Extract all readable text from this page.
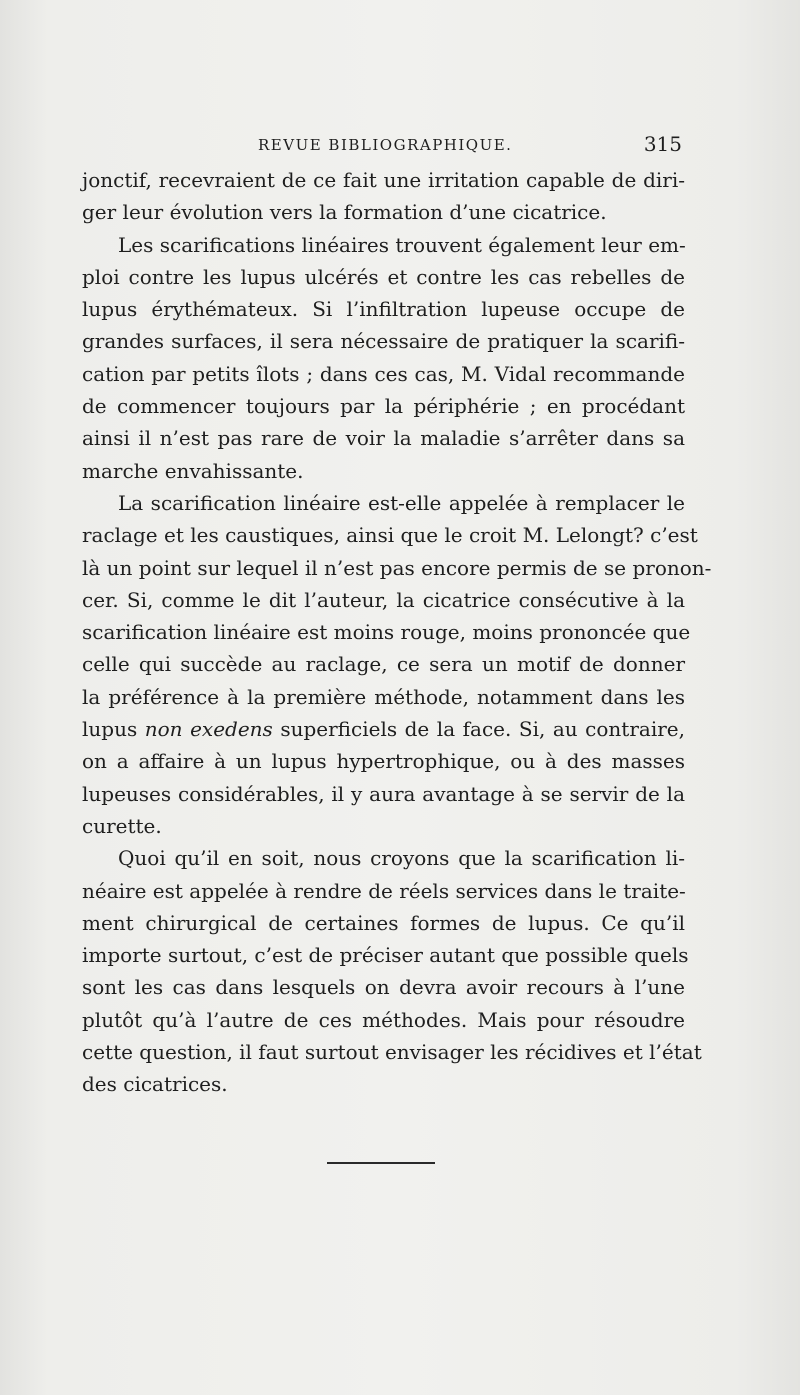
REVUE BIBLIOGRAPHIQUE.	315
jonctif, recevraient de ce fait une irritation capable de diri-
ger leur évolution vers la formation d’une cicatrice.
Les scarifications linéaires trouvent également leur em-
ploi contre les lupus ulcérés et contre les cas rebelles de
lupus érythémateux. Si l’infiltration lupeuse occupe de
grandes surfaces, il sera nécessaire de pratiquer la scarifi-
cation par petits îlots ; dans ces cas, M. Vidal recommande
de commencer toujours par la périphérie ; en procédant
ainsi il n’est pas rare de voir la maladie s’arrêter dans sa
marche envahissante.
La scarification linéaire est-elle appelée à remplacer le
raclage et les caustiques, ainsi que le croit M. Lelongt? c’est
là un point sur lequel il n’est pas encore permis de se pronon-
cer. Si, comme le dit l’auteur, la cicatrice consécutive à la
scarification linéaire est moins rouge, moins prononcée que
celle qui succède au raclage, ce sera un motif de donner
la préférence à la première méthode, notamment dans les
lupus non exedens superficiels de la face. Si, au contraire,
on a affaire à un lupus hypertrophique, ou à des masses
lupeuses considérables, il y aura avantage à se servir de la
curette.
Quoi qu’il en soit, nous croyons que la scarification li-
néaire est appelée à rendre de réels services dans le traite-
ment chirurgical de certaines formes de lupus. Ce qu’il
importe surtout, c’est de préciser autant que possible quels
sont les cas dans lesquels on devra avoir recours à l’une
plutôt qu’à l’autre de ces méthodes. Mais pour résoudre
cette question, il faut surtout envisager les récidives et l’état
des cicatrices.
